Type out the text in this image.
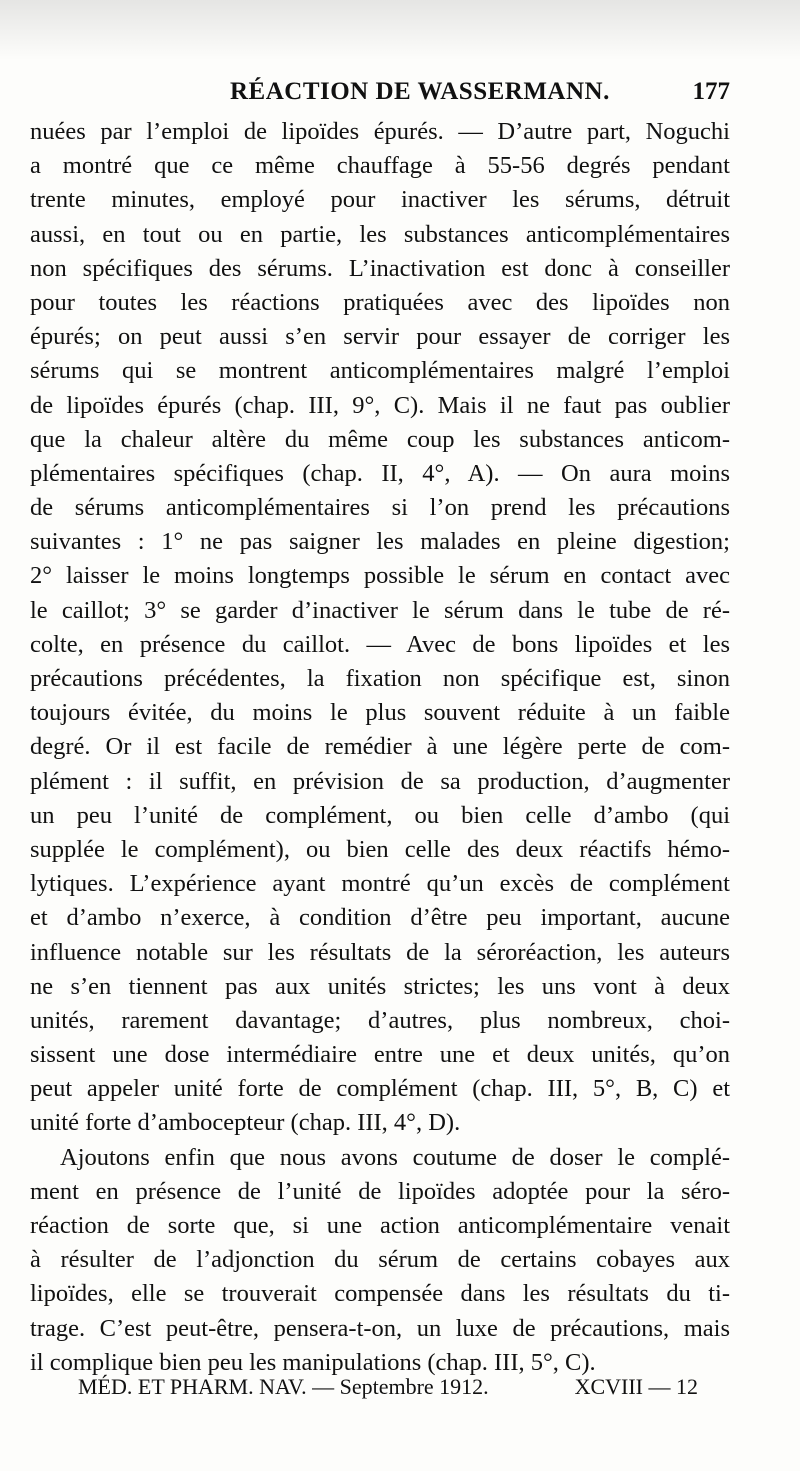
RÉACTION DE WASSERMANN.	177
nuées par l’emploi de lipoïdes épurés. — D’autre part, Noguchi
a montré que ce même chauffage à 55-56 degrés pendant
trente minutes, employé pour inactiver les sérums, détruit
aussi, en tout ou en partie, les substances anticomplémentaires
non spécifiques des sérums. L’inactivation est donc à conseiller
pour toutes les réactions pratiquées avec des lipoïdes non
épurés; on peut aussi s’en servir pour essayer de corriger les
sérums qui se montrent anticomplémentaires malgré l’emploi
de lipoïdes épurés (chap. III, 9°, C). Mais il ne faut pas oublier
que la chaleur altère du même coup les substances anticom-
plémentaires spécifiques (chap. II, 4°, A). — On aura moins
de sérums anticomplémentaires si l’on prend les précautions
suivantes : 1° ne pas saigner les malades en pleine digestion;
2° laisser le moins longtemps possible le sérum en contact avec
le caillot; 3° se garder d’inactiver le sérum dans le tube de ré-
colte, en présence du caillot. — Avec de bons lipoïdes et les
précautions précédentes, la fixation non spécifique est, sinon
toujours évitée, du moins le plus souvent réduite à un faible
degré. Or il est facile de remédier à une légère perte de com-
plément : il suffit, en prévision de sa production, d’augmenter
un peu l’unité de complément, ou bien celle d’ambo (qui
supplée le complément), ou bien celle des deux réactifs hémo-
lytiques. L’expérience ayant montré qu’un excès de complément
et d’ambo n’exerce, à condition d’être peu important, aucune
influence notable sur les résultats de la séroréaction, les auteurs
ne s’en tiennent pas aux unités strictes; les uns vont à deux
unités, rarement davantage; d’autres, plus nombreux, choi-
sissent une dose intermédiaire entre une et deux unités, qu’on
peut appeler unité forte de complément (chap. III, 5°, B, C) et
unité forte d’ambocepteur (chap. III, 4°, D).
Ajoutons enfin que nous avons coutume de doser le complé-
ment en présence de l’unité de lipoïdes adoptée pour la séro-
réaction de sorte que, si une action anticomplémentaire venait
à résulter de l’adjonction du sérum de certains cobayes aux
lipoïdes, elle se trouverait compensée dans les résultats du ti-
trage. C’est peut-être, pensera-t-on, un luxe de précautions, mais
il complique bien peu les manipulations (chap. III, 5°, C).
MÉD. ET PHARM. NAV. — Septembre 1912.	XCVIII — 12
